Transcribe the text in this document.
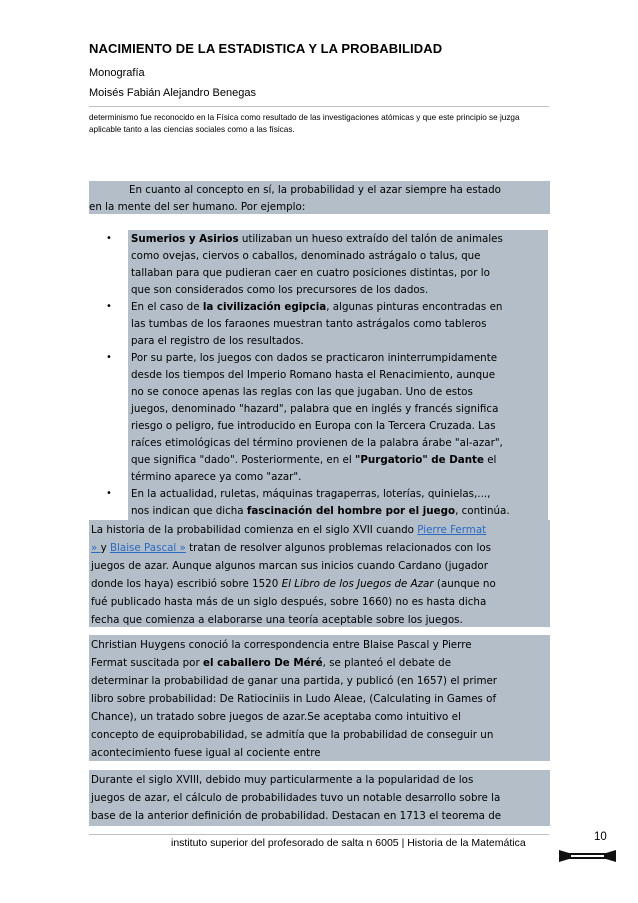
NACIMIENTO DE LA ESTADISTICA Y LA PROBABILIDAD
Monografía
Moisés Fabián Alejandro Benegas
determinismo fue reconocido en la Física como resultado de las investigaciones atómicas y que este principio se juzga aplicable tanto a las ciencias sociales como a las físicas.
En cuanto al concepto en sí, la probabilidad y el azar siempre ha estado
en la mente del ser humano. Por ejemplo:
• Sumerios y Asirios utilizaban un hueso extraído del talón de animales
como ovejas, ciervos o caballos, denominado astrágalo o talus, que
tallaban para que pudieran caer en cuatro posiciones distintas, por lo
que son considerados como los precursores de los dados.
• En el caso de la civilización egipcia, algunas pinturas encontradas en
las tumbas de los faraones muestran tanto astrágalos como tableros
para el registro de los resultados.
• Por su parte, los juegos con dados se practicaron ininterrumpidamente
desde los tiempos del Imperio Romano hasta el Renacimiento, aunque
no se conoce apenas las reglas con las que jugaban. Uno de estos
juegos, denominado "hazard", palabra que en inglés y francés significa
riesgo o peligro, fue introducido en Europa con la Tercera Cruzada. Las
raíces etimológicas del término provienen de la palabra árabe "al-azar",
que significa "dado". Posteriormente, en el "Purgatorio" de Dante el
término aparece ya como "azar".
• En la actualidad, ruletas, máquinas tragaperras, loterías, quinielas,...,
nos indican que dicha fascinación del hombre por el juego, continúa.
La historia de la probabilidad comienza en el siglo XVII cuando Pierre Fermat
» y Blaise Pascal » tratan de resolver algunos problemas relacionados con los
juegos de azar. Aunque algunos marcan sus inicios cuando Cardano (jugador
donde los haya) escribió sobre 1520 El Libro de los Juegos de Azar (aunque no
fué publicado hasta más de un siglo después, sobre 1660) no es hasta dicha
fecha que comienza a elaborarse una teoría aceptable sobre los juegos.
Christian Huygens conoció la correspondencia entre Blaise Pascal y Pierre
Fermat suscitada por el caballero De Méré, se planteó el debate de
determinar la probabilidad de ganar una partida, y publicó (en 1657) el primer
libro sobre probabilidad: De Ratiociniis in Ludo Aleae, (Calculating in Games of
Chance), un tratado sobre juegos de azar.Se aceptaba como intuitivo el
concepto de equiprobabilidad, se admitía que la probabilidad de conseguir un
acontecimiento fuese igual al cociente entre
Durante el siglo XVIII, debido muy particularmente a la popularidad de los
juegos de azar, el cálculo de probabilidades tuvo un notable desarrollo sobre la
base de la anterior definición de probabilidad. Destacan en 1713 el teorema de
instituto superior del profesorado de salta n 6005 | Historia de la Matemática	10
